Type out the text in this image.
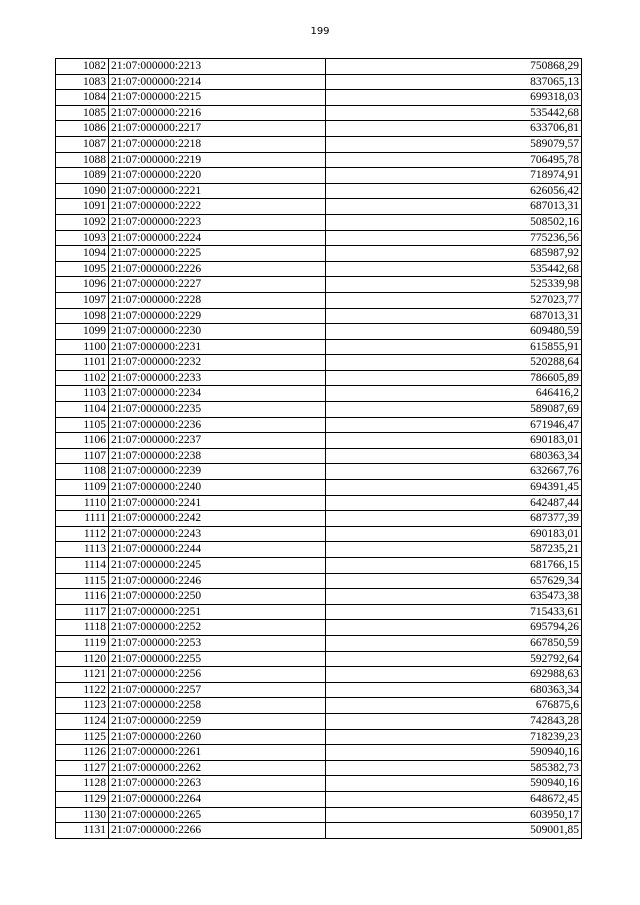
199
1082	21:07:000000:2213	750868,29
1083	21:07:000000:2214	837065,13
1084	21:07:000000:2215	699318,03
1085	21:07:000000:2216	535442,68
1086	21:07:000000:2217	633706,81
1087	21:07:000000:2218	589079,57
1088	21:07:000000:2219	706495,78
1089	21:07:000000:2220	718974,91
1090	21:07:000000:2221	626056,42
1091	21:07:000000:2222	687013,31
1092	21:07:000000:2223	508502,16
1093	21:07:000000:2224	775236,56
1094	21:07:000000:2225	685987,92
1095	21:07:000000:2226	535442,68
1096	21:07:000000:2227	525339,98
1097	21:07:000000:2228	527023,77
1098	21:07:000000:2229	687013,31
1099	21:07:000000:2230	609480,59
1100	21:07:000000:2231	615855,91
1101	21:07:000000:2232	520288,64
1102	21:07:000000:2233	786605,89
1103	21:07:000000:2234	646416,2
1104	21:07:000000:2235	589087,69
1105	21:07:000000:2236	671946,47
1106	21:07:000000:2237	690183,01
1107	21:07:000000:2238	680363,34
1108	21:07:000000:2239	632667,76
1109	21:07:000000:2240	694391,45
1110	21:07:000000:2241	642487,44
1111	21:07:000000:2242	687377,39
1112	21:07:000000:2243	690183,01
1113	21:07:000000:2244	587235,21
1114	21:07:000000:2245	681766,15
1115	21:07:000000:2246	657629,34
1116	21:07:000000:2250	635473,38
1117	21:07:000000:2251	715433,61
1118	21:07:000000:2252	695794,26
1119	21:07:000000:2253	667850,59
1120	21:07:000000:2255	592792,64
1121	21:07:000000:2256	692988,63
1122	21:07:000000:2257	680363,34
1123	21:07:000000:2258	676875,6
1124	21:07:000000:2259	742843,28
1125	21:07:000000:2260	718239,23
1126	21:07:000000:2261	590940,16
1127	21:07:000000:2262	585382,73
1128	21:07:000000:2263	590940,16
1129	21:07:000000:2264	648672,45
1130	21:07:000000:2265	603950,17
1131	21:07:000000:2266	509001,85
